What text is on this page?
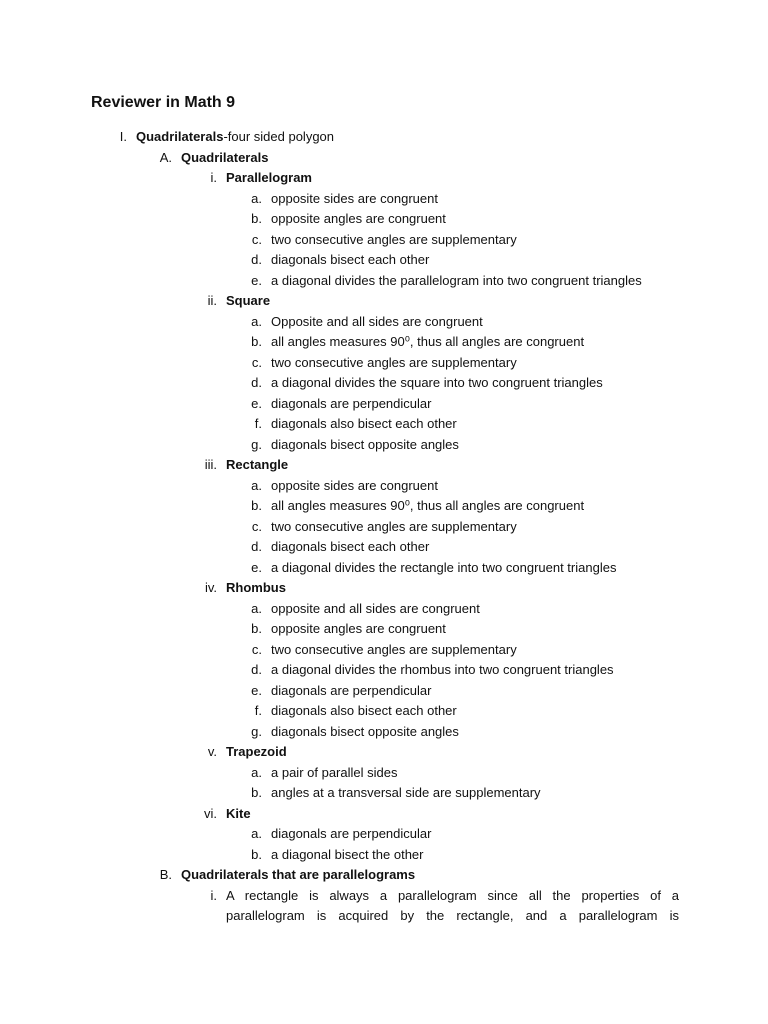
Reviewer in Math 9
I. Quadrilaterals-four sided polygon
A. Quadrilaterals
i. Parallelogram
a. opposite sides are congruent
b. opposite angles are congruent
c. two consecutive angles are supplementary
d. diagonals bisect each other
e. a diagonal divides the parallelogram into two congruent triangles
ii. Square
a. Opposite and all sides are congruent
b. all angles measures 90⁰, thus all angles are congruent
c. two consecutive angles are supplementary
d. a diagonal divides the square into two congruent triangles
e. diagonals are perpendicular
f. diagonals also bisect each other
g. diagonals bisect opposite angles
iii. Rectangle
a. opposite sides are congruent
b. all angles measures 90⁰, thus all angles are congruent
c. two consecutive angles are supplementary
d. diagonals bisect each other
e. a diagonal divides the rectangle into two congruent triangles
iv. Rhombus
a. opposite and all sides are congruent
b. opposite angles are congruent
c. two consecutive angles are supplementary
d. a diagonal divides the rhombus into two congruent triangles
e. diagonals are perpendicular
f. diagonals also bisect each other
g. diagonals bisect opposite angles
v. Trapezoid
a. a pair of parallel sides
b. angles at a transversal side are supplementary
vi. Kite
a. diagonals are perpendicular
b. a diagonal bisect the other
B. Quadrilaterals that are parallelograms
i. A rectangle is always a parallelogram since all the properties of a
parallelogram is acquired by the rectangle, and a parallelogram is
